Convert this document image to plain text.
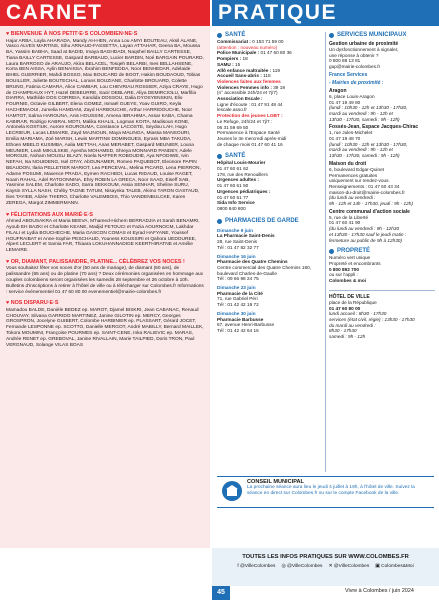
CARNET
♥ BIENVENUE À NOS PETIT·E·S COLOMBIEN·NE·S

Hajar ARBA, Layla AHARADA, Mandy AH-HEN, Anna Lou AMYI BOUTEAU, Aksil ALANE, Vasco ALVES MARTINS, Sihu ARNAUD-FASSETTA, Layan ATTAHAR, Geena BA, Moussa BA, Yassim BABHA, Saad at BADID, Imaya BAGHDADI, Naqshel BAILLY CARTESSE, Tiana BAILLY CARTESSE, Gaspard BARBAUD, Lucier BARDIN, Noé BARGAIN POURARD, Laura BARROSO de ARAUJO, Akira BELACEL, Tosqeh BELARBI, Ines BELLAHSENE, Korra BEN AISSA, Aylin BENAISSA, Ibrahim BENFEDDA, Noor BENHEDAR, Adelaide BIHEL GUERRIER, Mahdi BOSSO, Max BOUCARD de BOOT, Hakim BOUDAOUD, Tobias BOUILLER, Juliette BOUTECHAL, Lorans BOUZIANE, Charlotte BROUARD, Colette BRUNO, Fatima CAMARA, Alice CAMBAR, Lou CHEVRIAU ROSSIER, Aziya CRAYE, Hugo de CHAMPEAUX HYT, Hazel DEBEURRE, Sacir DEBLARE, Aliya DEMIRCIOLU, Marfilia DIARRA, Mathilde DOS CORREIA, Kandida DOSSOU, Dalia DYOSYENSKIN, Elio FOURNIE, Octavie GILBERT, Elena GOMEZ, Ismaël GUEYE, Yoav GUIRO, Keyla HACHEMAOUI, Jumelia HAMDANI, Zayd HARBOUCHE, Arthur HARRIDOUCHE, Noor HAMTOT, Salma HAROUNA, Anis HOUSSINI, Amena IBRAHIMA, Assar KABA, Chama KABIRAR, Rodrigo KABRAL MOTI, Malika KHALIL, Logman KOITA, Madisoun KONE, Antonela KOSTIUK, Aurore KOUROUMA, Constance LACOSTE, Seydou LAH, Hugo LECRIEUR, Lucas LEMAIRE, Zayd MAJNOUN, Maya MALINGA, Miassa MANSOURI, Emilia MARIAMA, Zoé MARSH, Lewis MARTINS DOMINGUES, Eyrass MBA TAKUDA, Ethoen MBELO KUSIMBA, Aalia METTAH, Anas MERABET, Gaspard MEUNIER, Louna MEUNIER, Leah MIKULSKIE, Ayesha MOHAMED, Shreya MONNARD PANDEY, Adele MORGUE, Noham MOUSLI BLAZY, Noela NAFFER ROBOUDIE, Aya NFODIWE, Ivin NEFAH, Isa NOUIDENG, Isel OTAY, AbOUNAMER, Romeo PAQUEBOT, Eleonore PAPIN BEAUDON, Ilaria PELLETIER MARIOT, Lea PERCEVAL, Melina PICARD, Lena PIERRON, Adame POSUMI, Maxence PRADA, Eymen RACHEDI, Lucas RIDAUD, Louise RAGET, Noam RAHAL, Adel RATOONNINA, Ehry ROBIN LA GRECA, Noor SAAD, Eiseff SAB, Yasmine SALEM, Charlotte SADO, Sarra SEKKOUM, Assia SENHAR, Sheline SURU, Kaysin SYLLA NASH, Chéby TAGNE TATUM, Nisaynka TALEB, Akimo TARON GASTAUD, Ilies TAYIEB, Alizée THIERO, Charlotte VALEMBOIS, Thio VANDENBULCKE, Karen ZEREGA, Margot ZIMMERMANN.

♥ FÉLICITATIONS AUX MARIÉ·E·S

Ahmed ABOUSAKRA et Maria BEEVA, M'hamed-Hichem BERRADJIA et Sarah BENAMRI, Ayoub EH BAZKI et Charlotte KEANE, Madjid FETOUCI et Fazia AOURNOCM, Lakhdar FILALI et Lydia BOUCHECHE, Maria GASCON COMAS et Eyrad HAFYANE, Youssef HOUFRAIBAT et Anne-Sophie PESCHAUD, Youness KOUSSIRI et Qahora UEDOUREE, Alpert LECLERT et Samia FAR, Thiaara LOKUHANNADIGE KEERTHIRATNE et Amélie LEMAIRE.

♥ OR, DIAMANT, PALISSANDRE, PLATINE... CÉLÉBREZ VOS NOCES !

Vous souhaitez fêter vos noces d'or (50 ans de mariage), de diamant (60 ans), de palissandre (65 ans) ou de platine (70 ans) ? Deux cérémonies organisées en hommage aux couples colombiens seront organisées les samedis 28 septembre et 26 octobre à 10h. Bulletins d'inscriptions à retirer à l'hôtel de ville ou à télécharger sur Colombes.fr Informations : service événementiel 01 47 60 80 00 evenementiel@mairie-colombes.fr

♥ NOS DISPARU·E·S

Mamadou BALDE, Danièle BEDEZ ep. MAROT, Djamel BISKRI, Jean CABANAC, Renaud CHOUVAY, Silvana GARRIDO MARTINEZ, Janine GILOTIN ep. MERCY, Georges GROSPRON, Jocelyne GUIBERT, Colombe HARBINIER ep. PLASSART, Gérard JOCET, Fernande LESPONNE ep. SCOTTO, Danielle MERGOT, André MABILLY, Bernard MAILLEK, Tokora MOUMINI, Françoise POURMES ep. SAINT-CENE, Inka RALIEVIC ep. MARAS, Andrée RENET ep. GREBOVAL, Janine RIVALLAIN, Marie TAILPIED, Doris TRON, Paul VERGNAUD, Solange VILAS BOAS

PRATIQUE
SANTÉ
Commissariat : 0 153 71 59 00
(attention : nouveau numéro)
Police Municipale : 01 47 60 80 36
Pompiers : 18
SAMU : 15
Allô enfance maltraitée : 119
Accueil Sans-abris : 115
Violences faites aux femmes
Violences Femmes info : 39 19
(n° accessible 24h/24 et 7j/7)
Association Escale :
Ligne d'écoute : 01 47 91 48 44
lescale.asso.fr
Protection des jeunes LGBT :
Le Refuge, 24h/24 et 7j/7 :
06 31 59 69 50
Permanence à l'Espace Santé
Jeunes le 3e mercredi après-midi
de chaque mois 01 47 60 41 16
SANTÉ
Hôpital Louis-Mourier
01 47 60 61 62
178, rue des Renouillers
Urgences adultes :
01 47 60 61 50
Urgences pédiatriques :
01 47 60 61 77
Sida Info Service
0800 840 800
PHARMACIES DE GARDE
Dimanche 9 juin
La Pharmacie Saint-Denis
28, rue Saint-Denis
Tél : 01 47 82 32 77
Dimanche 16 juin
Pharmacie des Quatre Chemins
Centre commercial des Quatre Chemins 180, boulevard Charles-de-Gaulle
Tél : 09 66 98 24 75
Dimanche 23 juin
Pharmacie de la Cité
71, rue Gabriel Péri
Tél : 01 42 42 19 72
Dimanche 30 juin
Pharmacie Barbusse
67, avenue Henri-Barbusse
Tél : 01 42 42 64 16
SERVICES MUNICIPAUX
Gestion urbaine de proximité
Un dysfonctionnement à signaler,
une réponse à obtenir ?
0 800 88 13 81
gup@mairie-colombes.fr
France Services
- Mairies de proximité :
Aragon
6, place Louis-Aragon
01 47 19 49 80
(lundi : 10h30 - 12h et 13h30 - 17h30,
mardi au vendredi : 9h - 12h et
13h30 - 17h30, samedi : 9h - 12h)
Fossés-Jean, Espace Jacques-Chirac
1, rue Jules-Michelet
01 47 19 48 70
(lundi : 10h30 - 12h et 13h30 - 17h30,
mardi au vendredi : 9h - 12h et
13h30 - 17h30, samedi : 9h - 12h)
Maison du droit
6, boulevard Edgar-Quinet
Permanences gratuites
uniquement sur rendez-vous.
Renseignements : 01 47 60 43 34
maison-du-droit@mairie-colombes.fr
(du lundi au vendredi :
9h - 12h et 14h - 17h30, jeudi : 9h - 12h)
Centre communal d'action sociale
5, rue de la Liberté
01 47 60 41 90
(du lundi au vendredi : 9h - 12h30
et 13h30 - 17h30 sauf le jeudi matin :
fermeture au public de 9h à 12h30)
PROPRETÉ
Numéro vert unique
Propreté et encombrants
0 800 892 700
ou sur l'appli :
Colombes & moi
HÔTEL DE VILLE
place de la République
01 47 60 80 00
lundi accueil : 8h30 - 17h30
services (état civil, régie) : 13h30 - 17h30
du mardi au vendredi :
8h30 - 17h30
samedi : 9h - 12h
CONSEIL MUNICIPAL
La prochaine séance aura lieu le jeudi 4 juillet à 19h, à l'hôtel de ville. Suivez la séance en direct sur Colombes.fr ou sur le compte Facebook de la ville.
TOUTES LES INFOS PRATIQUES SUR WWW.COLOMBES.FR
f @VilleColombes ◎ @VilleColombes ✕ @VilleColombes ▣ Colombes&Moi
45	Vivre à Colombes / juin 2024
